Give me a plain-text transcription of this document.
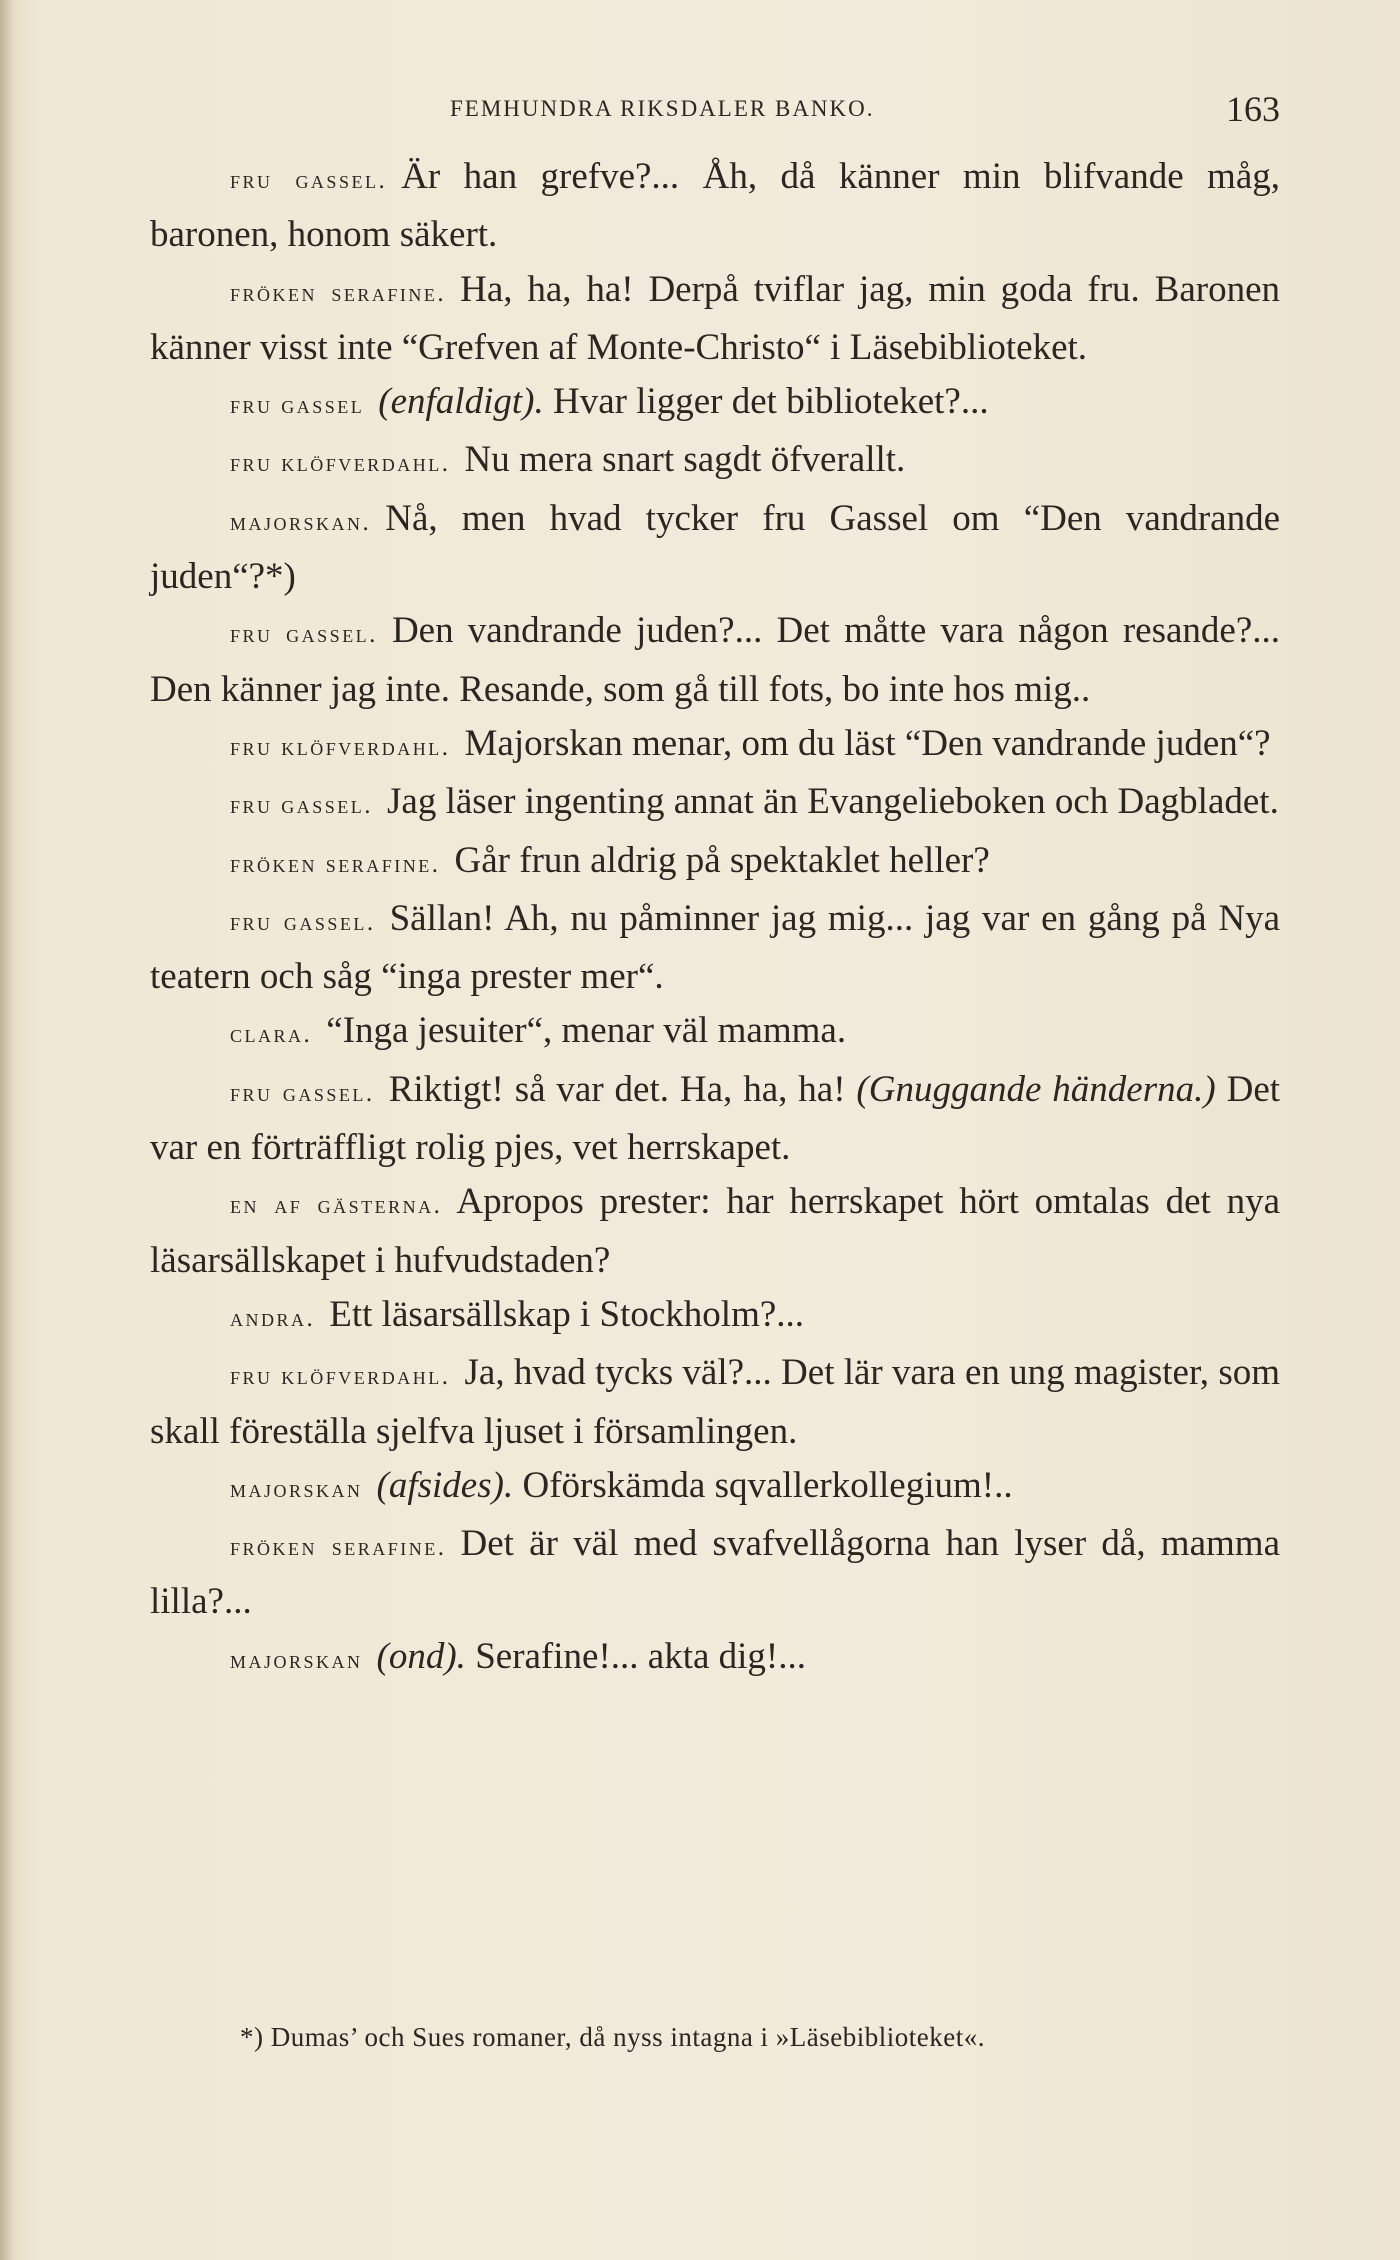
FEMHUNDRA RIKSDALER BANKO.	163

fru gassel. Är han grefve?... Åh, då känner min blifvande måg, baronen, honom säkert.

fröken serafine. Ha, ha, ha! Derpå tviflar jag, min goda fru. Baronen känner visst inte “Grefven af Monte-Christo“ i Läsebiblioteket.

fru gassel (enfaldigt). Hvar ligger det biblioteket?...

fru klöfverdahl. Nu mera snart sagdt öfverallt.

majorskan. Nå, men hvad tycker fru Gassel om “Den vandrande juden“?*)

fru gassel. Den vandrande juden?... Det måtte vara någon resande?... Den känner jag inte. Resande, som gå till fots, bo inte hos mig..

fru klöfverdahl. Majorskan menar, om du läst “Den vandrande juden“?

fru gassel. Jag läser ingenting annat än Evangelieboken och Dagbladet.

fröken serafine. Går frun aldrig på spektaklet heller?

fru gassel. Sällan! Ah, nu påminner jag mig... jag var en gång på Nya teatern och såg “inga prester mer“.

clara. “Inga jesuiter“, menar väl mamma.

fru gassel. Riktigt! så var det. Ha, ha, ha! (Gnuggande händerna.) Det var en förträffligt rolig pjes, vet herrskapet.

en af gästerna. Apropos prester: har herrskapet hört omtalas det nya läsarsällskapet i hufvudstaden?

andra. Ett läsarsällskap i Stockholm?...

fru klöfverdahl. Ja, hvad tycks väl?... Det lär vara en ung magister, som skall föreställa sjelfva ljuset i församlingen.

majorskan (afsides). Oförskämda sqvallerkollegium!..

fröken serafine. Det är väl med svafvellågorna han lyser då, mamma lilla?...

majorskan (ond). Serafine!... akta dig!...

*) Dumas’ och Sues romaner, då nyss intagna i »Läsebiblioteket«.
